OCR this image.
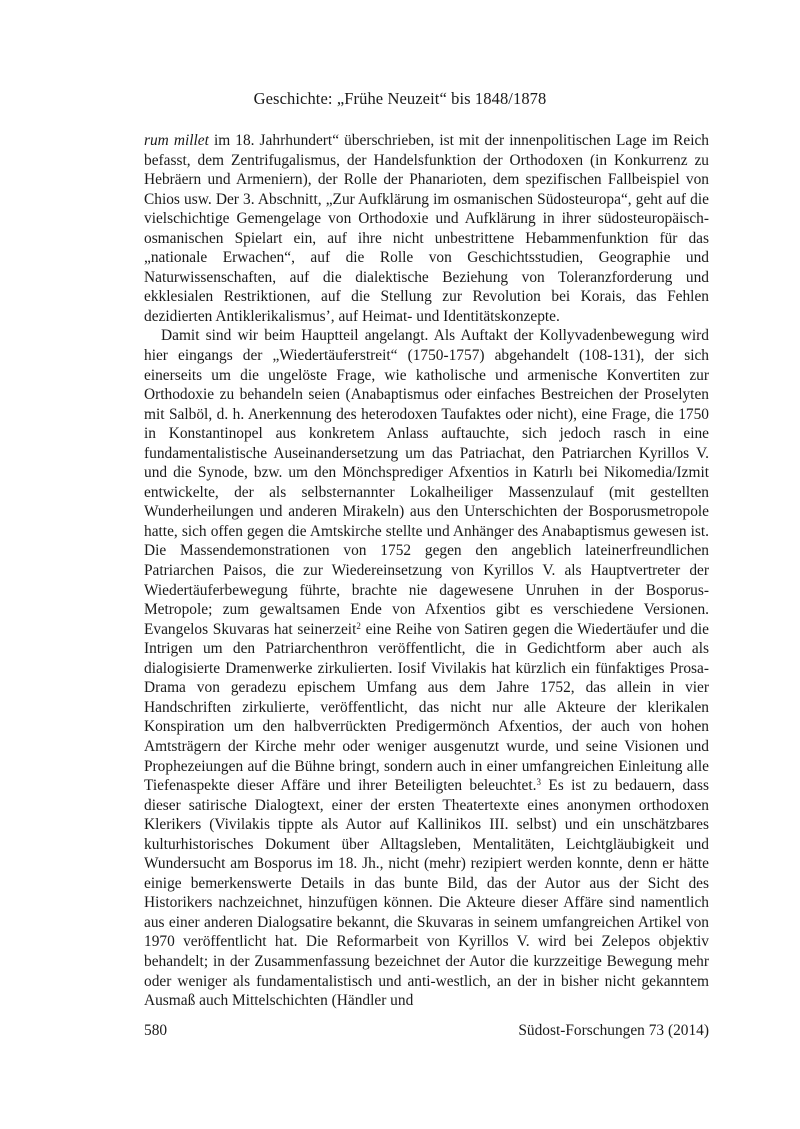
Geschichte: „Frühe Neuzeit“ bis 1848/1878

rum millet im 18. Jahrhundert“ überschrieben, ist mit der innenpolitischen Lage im Reich befasst, dem Zentrifugalismus, der Handelsfunktion der Orthodoxen (in Konkurrenz zu Hebräern und Armeniern), der Rolle der Phanarioten, dem spezifischen Fallbeispiel von Chios usw. Der 3. Abschnitt, „Zur Aufklärung im osmanischen Südosteuropa“, geht auf die vielschichtige Gemengelage von Orthodoxie und Aufklärung in ihrer südosteuropäisch-osmanischen Spielart ein, auf ihre nicht unbestrittene Hebammenfunktion für das „nationale Erwachen“, auf die Rolle von Geschichtsstudien, Geographie und Naturwissenschaften, auf die dialektische Beziehung von Toleranzforderung und ekklesialen Restriktionen, auf die Stellung zur Revolution bei Korais, das Fehlen dezidierten Antiklerikalismus’, auf Heimat- und Identitätskonzepte.

Damit sind wir beim Hauptteil angelangt. Als Auftakt der Kollyvadenbewegung wird hier eingangs der „Wiedertäuferstreit“ (1750-1757) abgehandelt (108-131), der sich einerseits um die ungelöste Frage, wie katholische und armenische Konvertiten zur Orthodoxie zu behandeln seien (Anabaptismus oder einfaches Bestreichen der Proselyten mit Salböl, d. h. Anerkennung des heterodoxen Taufaktes oder nicht), eine Frage, die 1750 in Konstantinopel aus konkretem Anlass auftauchte, sich jedoch rasch in eine fundamentalistische Auseinandersetzung um das Patriachat, den Patriarchen Kyrillos V. und die Synode, bzw. um den Mönchsprediger Afxentios in Katırlı bei Nikomedia/Izmit entwickelte, der als selbsternannter Lokalheiliger Massenzulauf (mit gestellten Wunderheilungen und anderen Mirakeln) aus den Unterschichten der Bosporusmetropole hatte, sich offen gegen die Amtskirche stellte und Anhänger des Anabaptismus gewesen ist. Die Massendemonstrationen von 1752 gegen den angeblich lateinerfreundlichen Patriarchen Paisos, die zur Wiedereinsetzung von Kyrillos V. als Hauptvertreter der Wiedertäuferbewegung führte, brachte nie dagewesene Unruhen in der Bosporus-Metropole; zum gewaltsamen Ende von Afxentios gibt es verschiedene Versionen. Evangelos Skuvaras hat seinerzeit$^2$ eine Reihe von Satiren gegen die Wiedertäufer und die Intrigen um den Patriarchenthron veröffentlicht, die in Gedichtform aber auch als dialogisierte Dramenwerke zirkulierten. Iosif Vivilakis hat kürzlich ein fünfaktiges Prosa-Drama von geradezu epischem Umfang aus dem Jahre 1752, das allein in vier Handschriften zirkulierte, veröffentlicht, das nicht nur alle Akteure der klerikalen Konspiration um den halbverrückten Predigermönch Afxentios, der auch von hohen Amtsträgern der Kirche mehr oder weniger ausgenutzt wurde, und seine Visionen und Prophezeiungen auf die Bühne bringt, sondern auch in einer umfangreichen Einleitung alle Tiefenaspekte dieser Affäre und ihrer Beteiligten beleuchtet.$^3$ Es ist zu bedauern, dass dieser satirische Dialogtext, einer der ersten Theatertexte eines anonymen orthodoxen Klerikers (Vivilakis tippte als Autor auf Kallinikos III. selbst) und ein unschätzbares kulturhistorisches Dokument über Alltagsleben, Mentalitäten, Leichtgläubigkeit und Wundersucht am Bosporus im 18. Jh., nicht (mehr) rezipiert werden konnte, denn er hätte einige bemerkenswerte Details in das bunte Bild, das der Autor aus der Sicht des Historikers nachzeichnet, hinzufügen können. Die Akteure dieser Affäre sind namentlich aus einer anderen Dialogsatire bekannt, die Skuvaras in seinem umfangreichen Artikel von 1970 veröffentlicht hat. Die Reformarbeit von Kyrillos V. wird bei Zelepos objektiv behandelt; in der Zusammenfassung bezeichnet der Autor die kurzzeitige Bewegung mehr oder weniger als fundamentalistisch und anti-westlich, an der in bisher nicht gekanntem Ausmaß auch Mittelschichten (Händler und

580	Südost-Forschungen 73 (2014)
